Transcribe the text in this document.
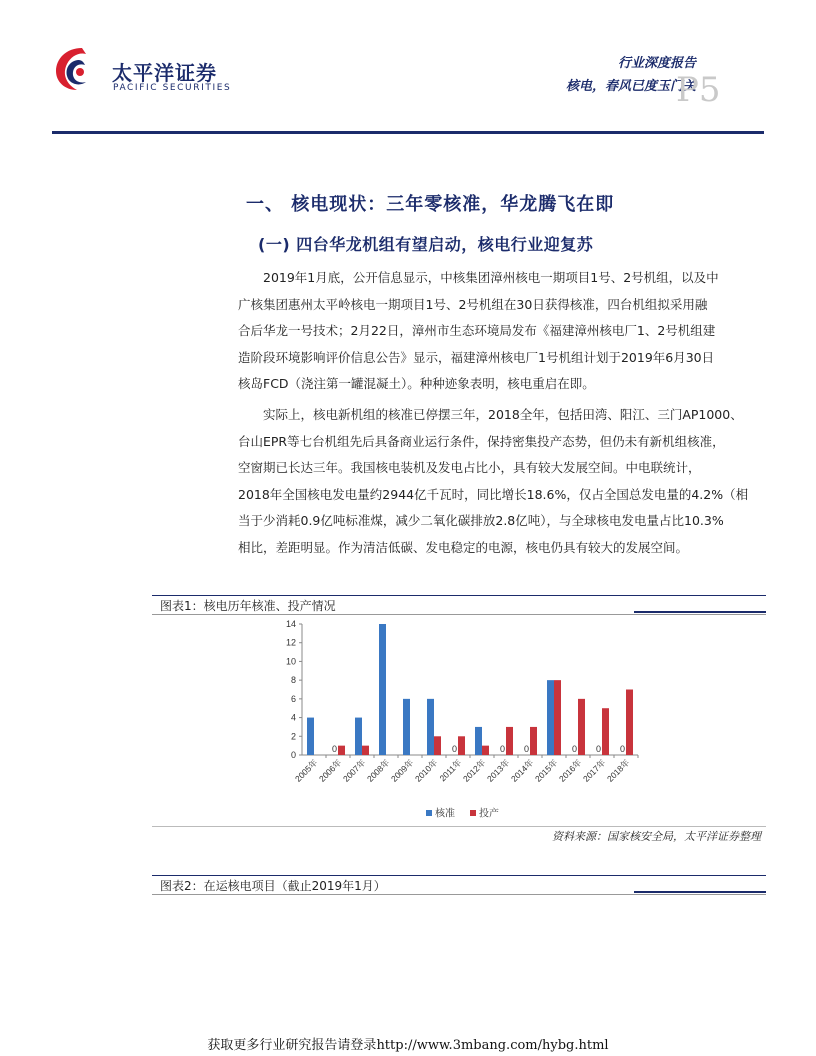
太平洋证券
PACIFIC SECURITIES
行业深度报告
核电，春风已度玉门关
P5
一、 核电现状：三年零核准，华龙腾飞在即
(一) 四台华龙机组有望启动，核电行业迎复苏
2019年1月底，公开信息显示，中核集团漳州核电一期项目1号、2号机组，以及中
广核集团惠州太平岭核电一期项目1号、2号机组在30日获得核准，四台机组拟采用融
合后华龙一号技术；2月22日，漳州市生态环境局发布《福建漳州核电厂1、2号机组建
造阶段环境影响评价信息公告》显示，福建漳州核电厂1号机组计划于2019年6月30日
核岛FCD（浇注第一罐混凝土）。种种迹象表明，核电重启在即。
实际上，核电新机组的核准已停摆三年，2018全年，包括田湾、阳江、三门AP1000、
台山EPR等七台机组先后具备商业运行条件，保持密集投产态势，但仍未有新机组核准，
空窗期已长达三年。我国核电装机及发电占比小，具有较大发展空间。中电联统计，
2018年全国核电发电量约2944亿千瓦时，同比增长18.6%，仅占全国总发电量的4.2%（相
当于少消耗0.9亿吨标准煤，减少二氧化碳排放2.8亿吨），与全球核电发电量占比10.3%
相比，差距明显。作为清洁低碳、发电稳定的电源，核电仍具有较大的发展空间。
图表1：核电历年核准、投产情况
0
2
4
6
8
10
12
14
2005年
2006年
2007年
2008年
2009年
2010年
2011年
2012年
2013年
2014年
2015年
2016年
2017年
2018年
0	0	0 0	0 0 0
核准 投产
资料来源：国家核安全局，太平洋证券整理
图表2：在运核电项目（截止2019年1月）
获取更多行业研究报告请登录http://www.3mbang.com/hybg.html
